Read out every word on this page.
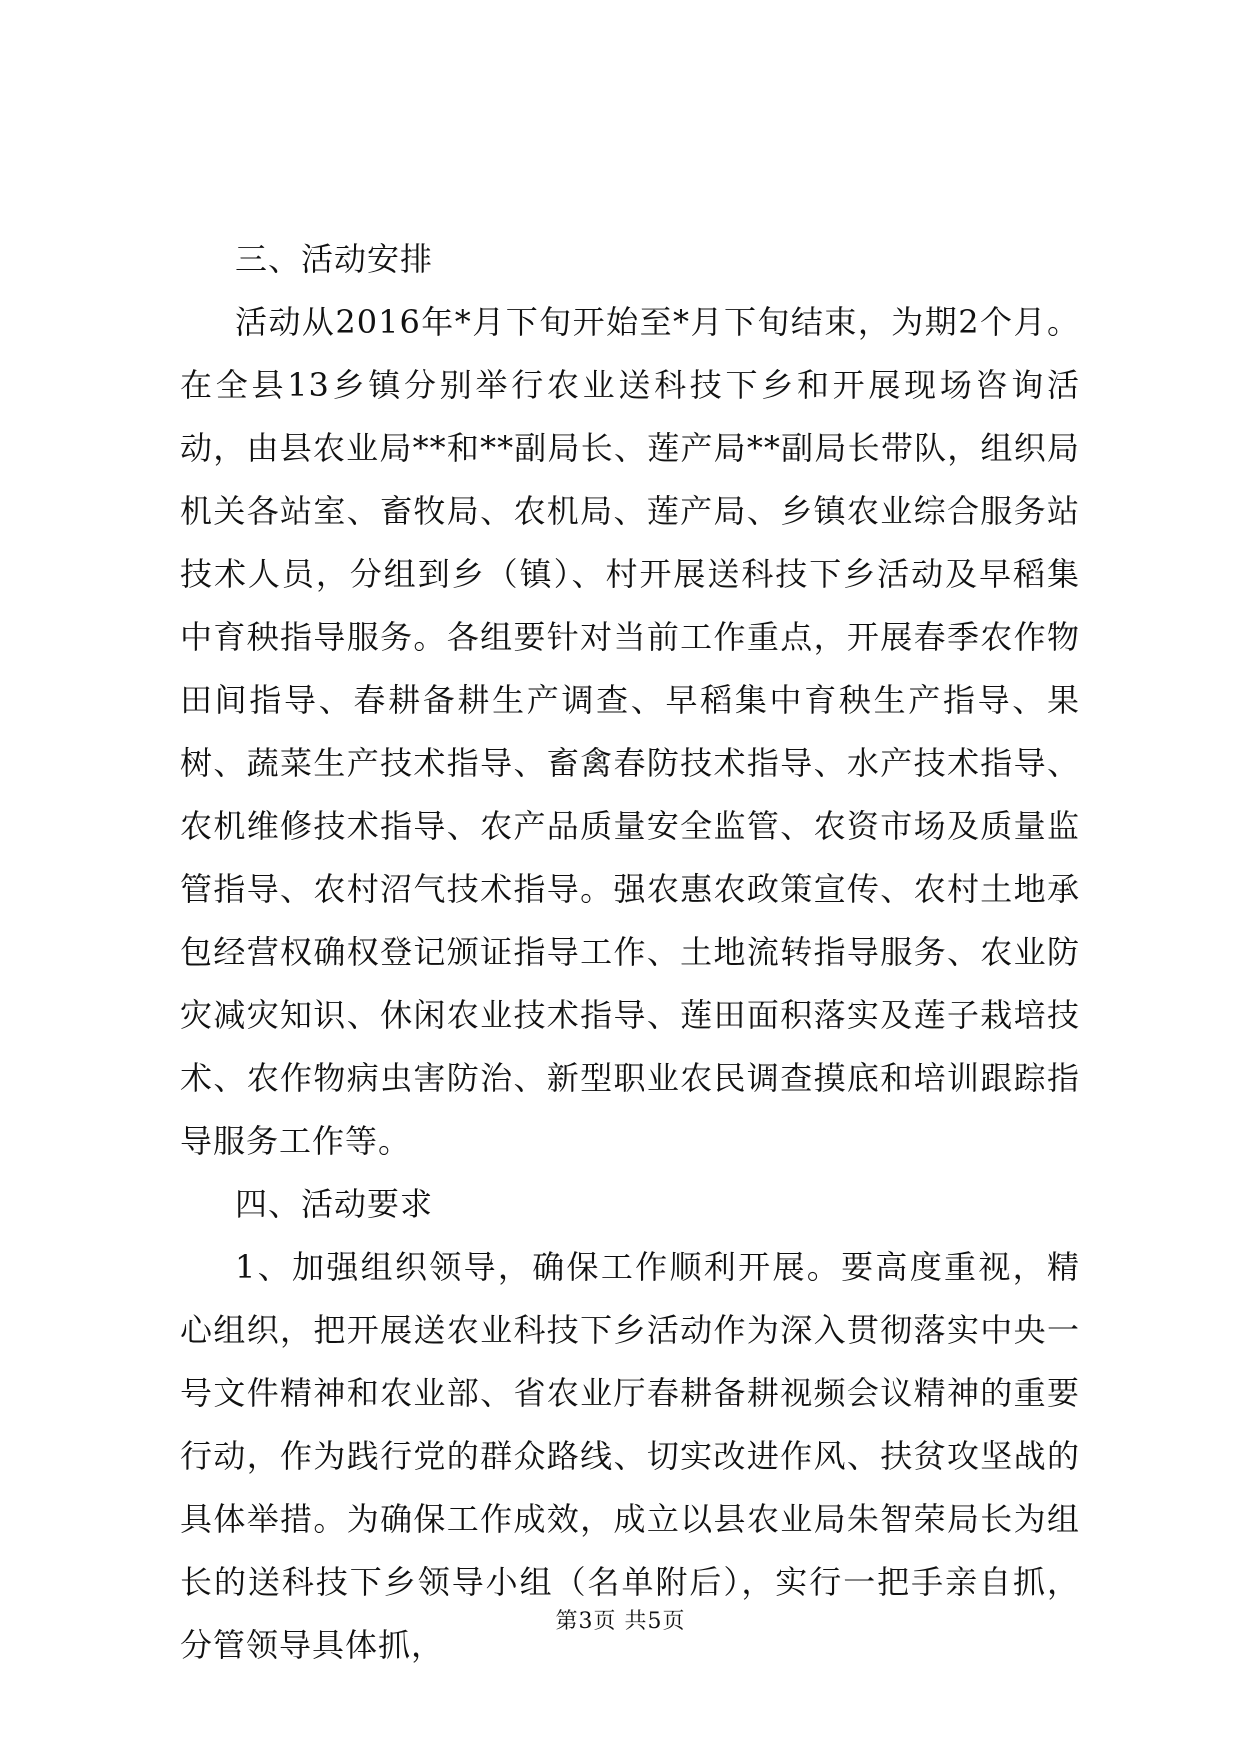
三、活动安排

活动从2016年*月下旬开始至*月下旬结束，为期2个月。在全县13乡镇分别举行农业送科技下乡和开展现场咨询活动，由县农业局**和**副局长、莲产局**副局长带队，组织局机关各站室、畜牧局、农机局、莲产局、乡镇农业综合服务站技术人员，分组到乡（镇）、村开展送科技下乡活动及早稻集中育秧指导服务。各组要针对当前工作重点，开展春季农作物田间指导、春耕备耕生产调查、早稻集中育秧生产指导、果树、蔬菜生产技术指导、畜禽春防技术指导、水产技术指导、农机维修技术指导、农产品质量安全监管、农资市场及质量监管指导、农村沼气技术指导。强农惠农政策宣传、农村土地承包经营权确权登记颁证指导工作、土地流转指导服务、农业防灾减灾知识、休闲农业技术指导、莲田面积落实及莲子栽培技术、农作物病虫害防治、新型职业农民调查摸底和培训跟踪指导服务工作等。

四、活动要求

1、加强组织领导，确保工作顺利开展。要高度重视，精心组织，把开展送农业科技下乡活动作为深入贯彻落实中央一号文件精神和农业部、省农业厅春耕备耕视频会议精神的重要行动，作为践行党的群众路线、切实改进作风、扶贫攻坚战的具体举措。为确保工作成效，成立以县农业局朱智荣局长为组长的送科技下乡领导小组（名单附后），实行一把手亲自抓，分管领导具体抓，

第3页 共5页
